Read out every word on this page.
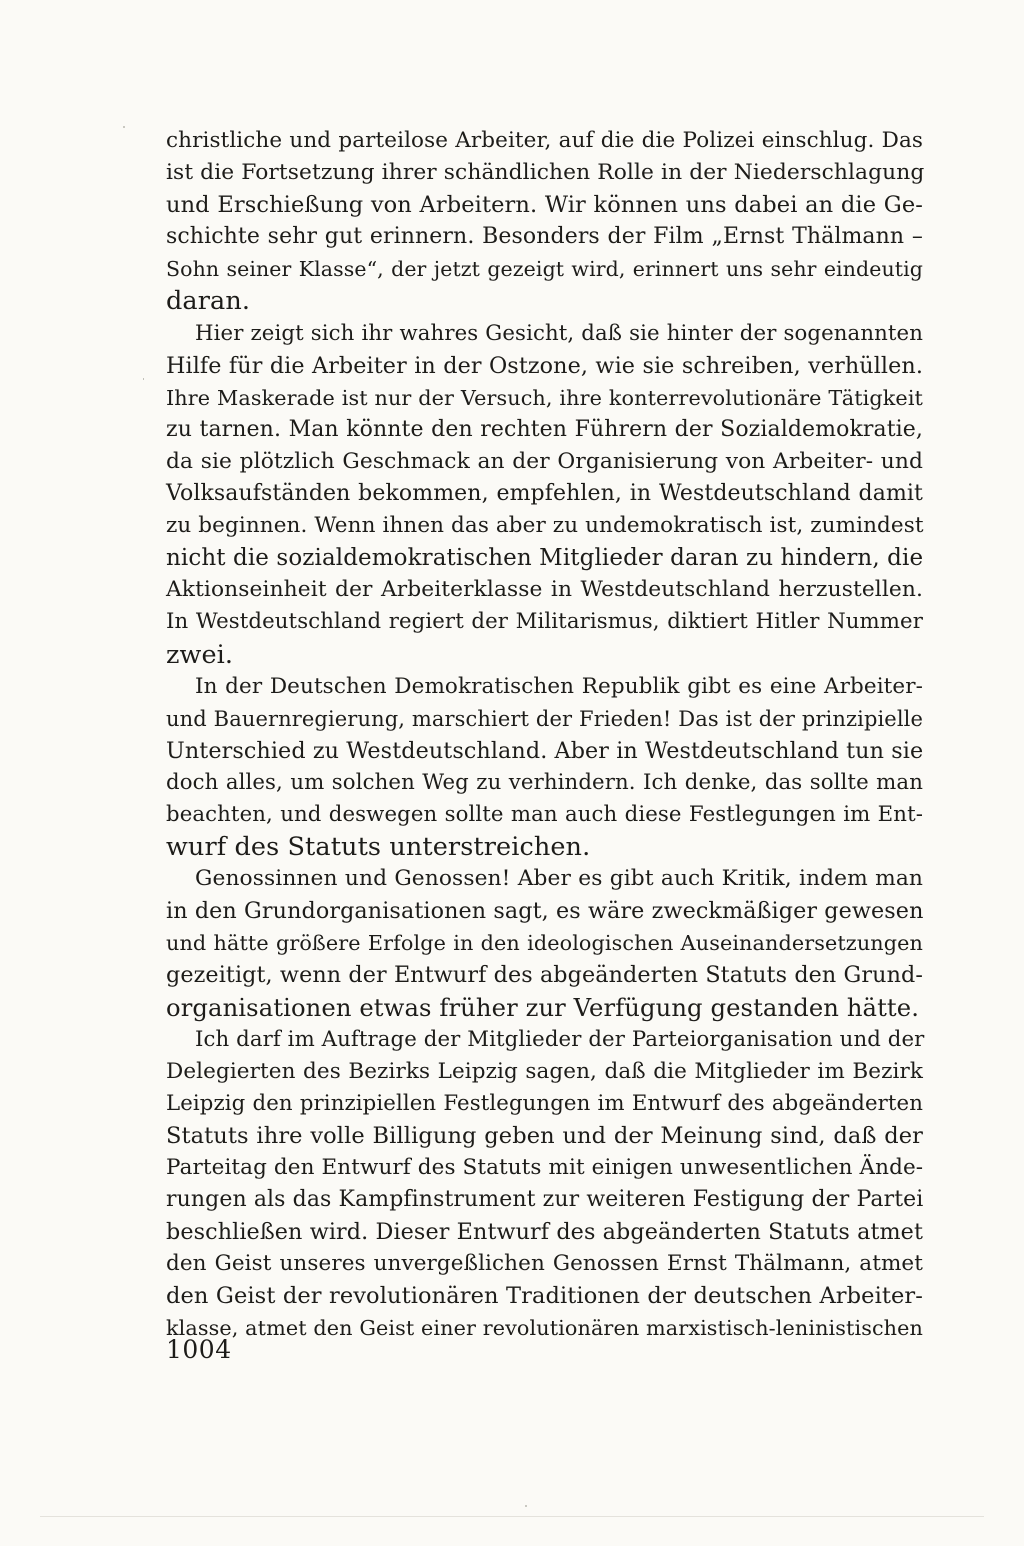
christliche und parteilose Arbeiter, auf die die Polizei einschlug. Das
ist die Fortsetzung ihrer schändlichen Rolle in der Niederschlagung
und Erschießung von Arbeitern. Wir können uns dabei an die Ge-
schichte sehr gut erinnern. Besonders der Film „Ernst Thälmann –
Sohn seiner Klasse“, der jetzt gezeigt wird, erinnert uns sehr eindeutig
daran.
Hier zeigt sich ihr wahres Gesicht, daß sie hinter der sogenannten
Hilfe für die Arbeiter in der Ostzone, wie sie schreiben, verhüllen.
Ihre Maskerade ist nur der Versuch, ihre konterrevolutionäre Tätigkeit
zu tarnen. Man könnte den rechten Führern der Sozialdemokratie,
da sie plötzlich Geschmack an der Organisierung von Arbeiter- und
Volksaufständen bekommen, empfehlen, in Westdeutschland damit
zu beginnen. Wenn ihnen das aber zu undemokratisch ist, zumindest
nicht die sozialdemokratischen Mitglieder daran zu hindern, die
Aktionseinheit der Arbeiterklasse in Westdeutschland herzustellen.
In Westdeutschland regiert der Militarismus, diktiert Hitler Nummer
zwei.
In der Deutschen Demokratischen Republik gibt es eine Arbeiter-
und Bauernregierung, marschiert der Frieden! Das ist der prinzipielle
Unterschied zu Westdeutschland. Aber in Westdeutschland tun sie
doch alles, um solchen Weg zu verhindern. Ich denke, das sollte man
beachten, und deswegen sollte man auch diese Festlegungen im Ent-
wurf des Statuts unterstreichen.
Genossinnen und Genossen! Aber es gibt auch Kritik, indem man
in den Grundorganisationen sagt, es wäre zweckmäßiger gewesen
und hätte größere Erfolge in den ideologischen Auseinandersetzungen
gezeitigt, wenn der Entwurf des abgeänderten Statuts den Grund-
organisationen etwas früher zur Verfügung gestanden hätte.
Ich darf im Auftrage der Mitglieder der Parteiorganisation und der
Delegierten des Bezirks Leipzig sagen, daß die Mitglieder im Bezirk
Leipzig den prinzipiellen Festlegungen im Entwurf des abgeänderten
Statuts ihre volle Billigung geben und der Meinung sind, daß der
Parteitag den Entwurf des Statuts mit einigen unwesentlichen Ände-
rungen als das Kampfinstrument zur weiteren Festigung der Partei
beschließen wird. Dieser Entwurf des abgeänderten Statuts atmet
den Geist unseres unvergeßlichen Genossen Ernst Thälmann, atmet
den Geist der revolutionären Traditionen der deutschen Arbeiter-
klasse, atmet den Geist einer revolutionären marxistisch-leninistischen
1004
